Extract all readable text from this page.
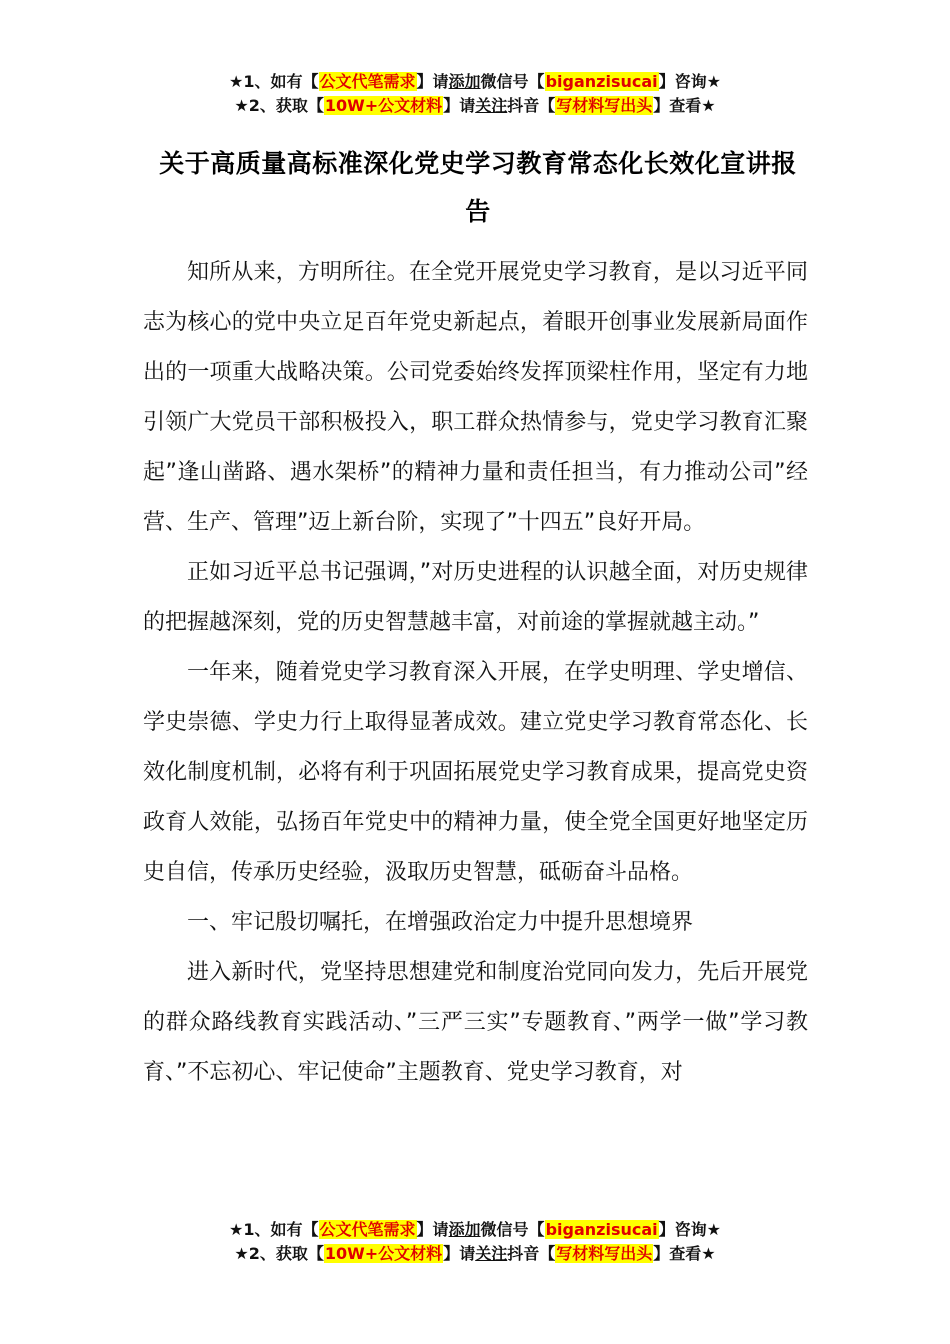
★1、如有【公文代笔需求】请添加微信号【biganzisucai】咨询★
★2、获取【10W+公文材料】请关注抖音【写材料写出头】查看★
关于高质量高标准深化党史学习教育常态化长效化宣讲报告

知所从来，方明所往。在全党开展党史学习教育，是以习近平同志为核心的党中央立足百年党史新起点，着眼开创事业发展新局面作出的一项重大战略决策。公司党委始终发挥顶梁柱作用，坚定有力地引领广大党员干部积极投入，职工群众热情参与，党史学习教育汇聚起”逢山凿路、遇水架桥”的精神力量和责任担当，有力推动公司”经营、生产、管理”迈上新台阶，实现了”十四五”良好开局。

正如习近平总书记强调，”对历史进程的认识越全面，对历史规律的把握越深刻，党的历史智慧越丰富，对前途的掌握就越主动。”

一年来，随着党史学习教育深入开展，在学史明理、学史增信、学史崇德、学史力行上取得显著成效。建立党史学习教育常态化、长效化制度机制，必将有利于巩固拓展党史学习教育成果，提高党史资政育人效能，弘扬百年党史中的精神力量，使全党全国更好地坚定历史自信，传承历史经验，汲取历史智慧，砥砺奋斗品格。

一、牢记殷切嘱托，在增强政治定力中提升思想境界

进入新时代，党坚持思想建党和制度治党同向发力，先后开展党的群众路线教育实践活动、”三严三实”专题教育、”两学一做”学习教育、”不忘初心、牢记使命”主题教育、党史学习教育，对

★1、如有【公文代笔需求】请添加微信号【biganzisucai】咨询★
★2、获取【10W+公文材料】请关注抖音【写材料写出头】查看★
